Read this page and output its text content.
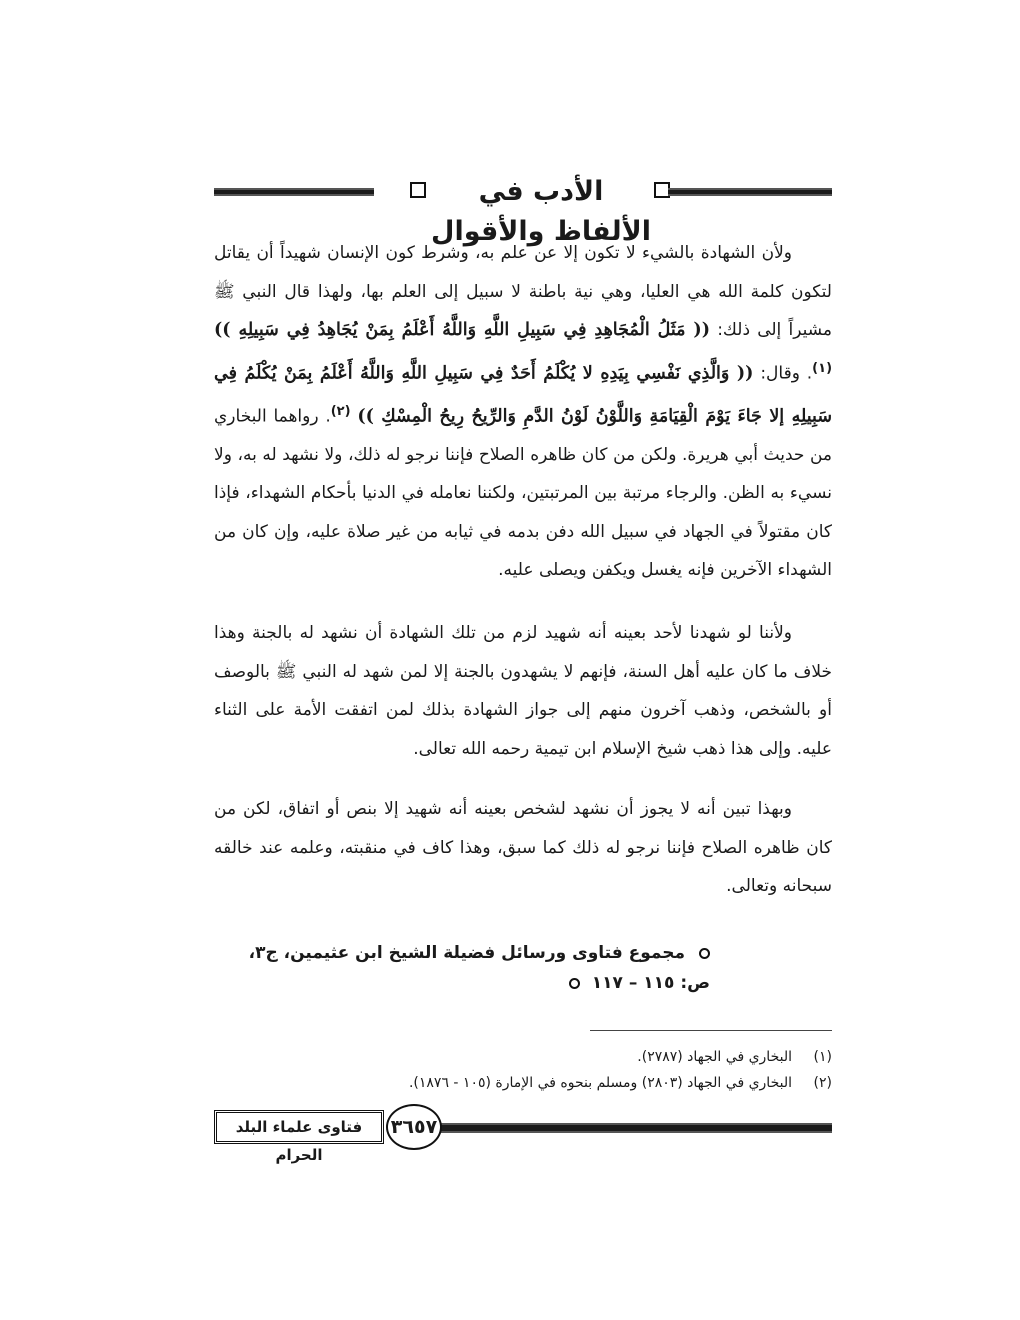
الأدب في الألفاظ والأقوال

ولأن الشهادة بالشيء لا تكون إلا عن علم به، وشرط كون الإنسان شهيداً أن يقاتل لتكون كلمة الله هي العليا، وهي نية باطنة لا سبيل إلى العلم بها، ولهذا قال النبي ﷺ مشيراً إلى ذلك: (( مَثَلُ الْمُجَاهِدِ فِي سَبِيلِ اللَّهِ وَاللَّهُ أَعْلَمُ بِمَنْ يُجَاهِدُ فِي سَبِيلِهِ )) $^{(١)}$. وقال: (( وَالَّذِي نَفْسِي بِيَدِهِ لا يُكْلَمُ أَحَدٌ فِي سَبِيلِ اللَّهِ وَاللَّهُ أَعْلَمُ بِمَنْ يُكْلَمُ فِي سَبِيلِهِ إلا جَاءَ يَوْمَ الْقِيَامَةِ وَاللَّوْنُ لَوْنُ الدَّمِ وَالرِّيحُ رِيحُ الْمِسْكِ )) $^{(٢)}$. رواهما البخاري من حديث أبي هريرة. ولكن من كان ظاهره الصلاح فإننا نرجو له ذلك، ولا نشهد له به، ولا نسيء به الظن. والرجاء مرتبة بين المرتبتين، ولكننا نعامله في الدنيا بأحكام الشهداء، فإذا كان مقتولاً في الجهاد في سبيل الله دفن بدمه في ثيابه من غير صلاة عليه، وإن كان من الشهداء الآخرين فإنه يغسل ويكفن ويصلى عليه.

ولأننا لو شهدنا لأحد بعينه أنه شهيد لزم من تلك الشهادة أن نشهد له بالجنة وهذا خلاف ما كان عليه أهل السنة، فإنهم لا يشهدون بالجنة إلا لمن شهد له النبي ﷺ بالوصف أو بالشخص، وذهب آخرون منهم إلى جواز الشهادة بذلك لمن اتفقت الأمة على الثناء عليه. وإلى هذا ذهب شيخ الإسلام ابن تيمية رحمه الله تعالى.

وبهذا تبين أنه لا يجوز أن نشهد لشخص بعينه أنه شهيد إلا بنص أو اتفاق، لكن من كان ظاهره الصلاح فإننا نرجو له ذلك كما سبق، وهذا كاف في منقبته، وعلمه عند خالقه سبحانه وتعالى.

مجموع فتاوى ورسائل فضيلة الشيخ ابن عثيمين، ج٣، ص: ١١٥ – ١١٧
(١)
البخاري في الجهاد (٢٧٨٧).
(٢)
البخاري في الجهاد (٢٨٠٣) ومسلم بنحوه في الإمارة (١٠٥ - ١٨٧٦).
٣٦٥٧
فتاوى علماء البلد الحرام
